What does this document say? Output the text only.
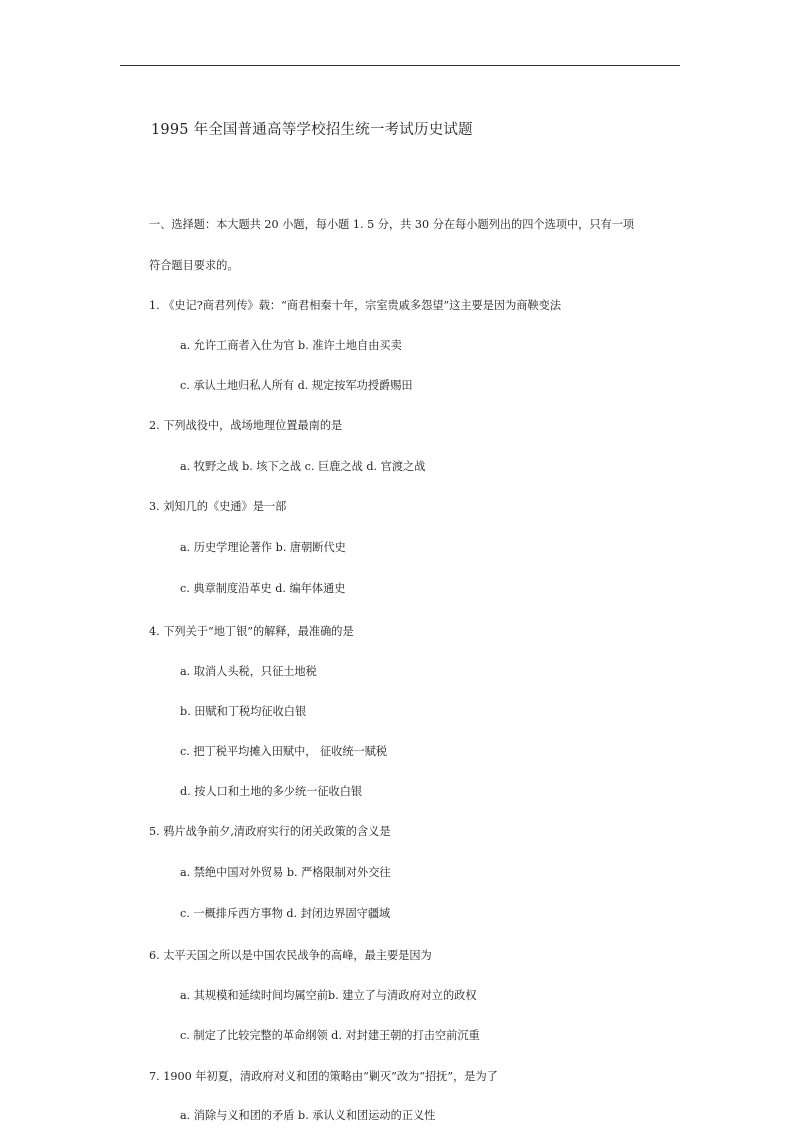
1995 年全国普通高等学校招生统一考试历史试题
一、选择题：本大题共 20 小题，每小题 1. 5 分，共 30 分在每小题列出的四个选项中，只有一项
符合题目要求的。
1. 《史记?商君列传》载：“商君相秦十年，宗室贵戚多怨望”这主要是因为商鞅变法
a. 允许工商者入仕为官 b. 准许土地自由买卖
c. 承认土地归私人所有 d. 规定按军功授爵赐田
2. 下列战役中，战场地理位置最南的是
a. 牧野之战 b. 垓下之战 c. 巨鹿之战 d. 官渡之战
3. 刘知几的《史通》是一部
a. 历史学理论著作 b. 唐朝断代史
c. 典章制度沿革史 d. 编年体通史
4. 下列关于“地丁银”的解释，最准确的是
a. 取消人头税，只征土地税
b. 田赋和丁税均征收白银
c. 把丁税平均摊入田赋中， 征收统一赋税
d. 按人口和土地的多少统一征收白银
5. 鸦片战争前夕,清政府实行的闭关政策的含义是
a. 禁绝中国对外贸易 b. 严格限制对外交往
c. 一概排斥西方事物 d. 封闭边界固守疆域
6. 太平天国之所以是中国农民战争的高峰，最主要是因为
a. 其规模和延续时间均属空前b. 建立了与清政府对立的政权
c. 制定了比较完整的革命纲领 d. 对封建王朝的打击空前沉重
7. 1900 年初夏，清政府对义和团的策略由“剿灭”改为“招抚”，是为了
a. 消除与义和团的矛盾 b. 承认义和团运动的正义性
